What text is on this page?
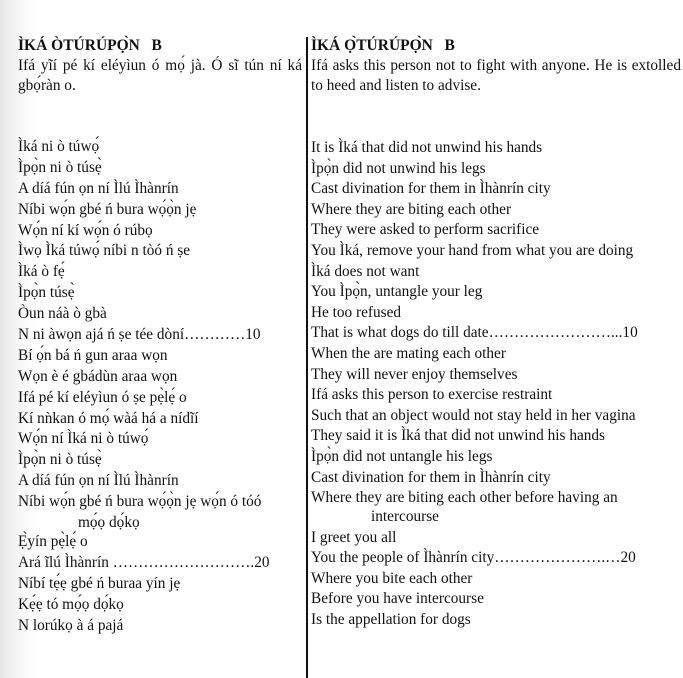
ÌKÁ ÒTÚRÚPỌ̀N   B
Ifá yĩí pé kí eléyìun ó mọ́ jà. Ó sĩ tún ní ká gbọ́ràn o.
Ìká ni ò túwọ́
Ìpọ̀n ni ò túsẹ̀
A díá fún ọn ní Ìlú Ìhànrín
Níbi wọ́n gbé ń bura wọ́ọ̀n jẹ
Wọ́n ní kí wọ́n ó rúbọ
Ìwọ Ìká túwọ́ níbi n tòó ń ṣe
Ìká ò fẹ́
Ìpọ̀n túsẹ̀
Òun náà ò gbà
N ni àwọn ajá ń ṣe tée dòní…………10
Bí ọ́n bá ń gun araa wọn
Wọn è é gbádùn araa wọn
Ifá pé kí eléyìun ó ṣe pẹ̀lẹ́ o
Kí nǹkan ó mọ́ wàá há a nídĩí
Wọ́n ní Ìká ni ò túwọ́
Ìpọ̀n ni ò túsẹ̀
A díá fún ọn ní Ìlú Ìhànrín
Níbi wọ́n gbé ń bura wọ́ọ̀n jẹ wọ́n ó tóó
mọ́ọ dọ́kọ
Ẹ̀yín pẹ̀lẹ́ o
Ará ĩlú Ìhànrín ……………………….20
Níbí tẹ́ẹ gbé ń buraa yín jẹ
Kẹ́ẹ tó mọ́ọ dọ́kọ
N lorúkọ à á pajá
ÌKÁ Ọ̀TÚRÚPỌ̀N   B
Ifá asks this person not to fight with anyone. He is extolled to heed and listen to advise.
It is Ìká that did not unwind his hands
Ìpọ̀n did not unwind his legs
Cast divination for them in Ìhànrín city
Where they are biting each other
They were asked to perform sacrifice
You Ìká, remove your hand from what you are doing
Ìká does not want
You Ìpọ̀n, untangle your leg
He too refused
That is what dogs do till date……………………...10
When the are mating each other
They will never enjoy themselves
Ifá asks this person to exercise restraint
Such that an object would not stay held in her vagina
They said it is Ìká that did not unwind his hands
Ìpọ̀n did not untangle his legs
Cast divination for them in Ìhànrín city
Where they are biting each other before having an
intercourse
I greet you all
You the people of Ìhànrín city………………….…20
Where you bite each other
Before you have intercourse
Is the appellation for dogs
